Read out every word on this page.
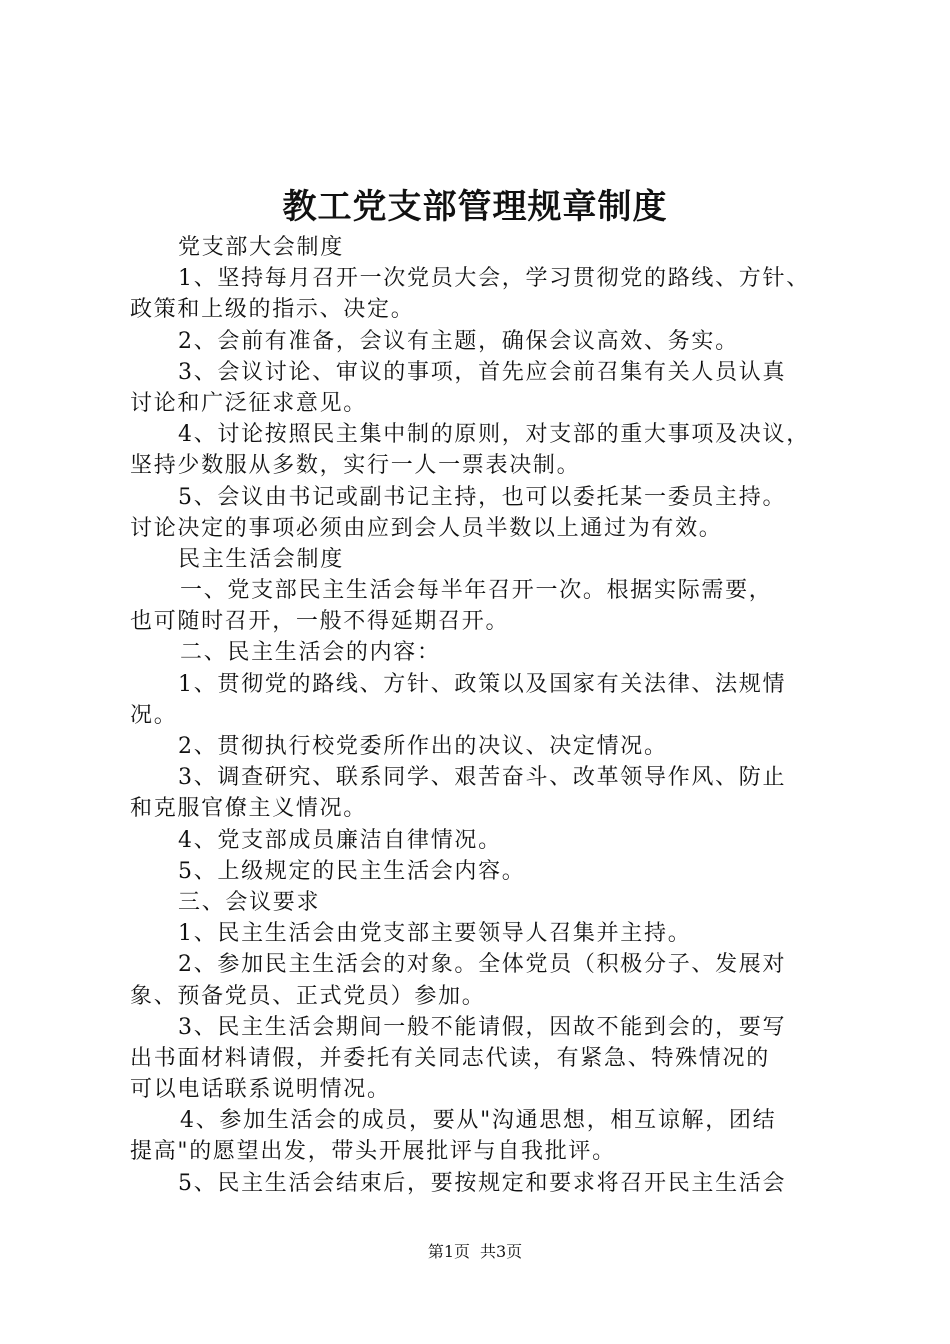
教工党支部管理规章制度
党支部大会制度
1、坚持每月召开一次党员大会，学习贯彻党的路线、方针、
政策和上级的指示、决定。
2、会前有准备，会议有主题，确保会议高效、务实。
3、会议讨论、审议的事项，首先应会前召集有关人员认真
讨论和广泛征求意见。
4、讨论按照民主集中制的原则，对支部的重大事项及决议，
坚持少数服从多数，实行一人一票表决制。
5、会议由书记或副书记主持，也可以委托某一委员主持。
讨论决定的事项必须由应到会人员半数以上通过为有效。
民主生活会制度
一、党支部民主生活会每半年召开一次。根据实际需要，
也可随时召开，一般不得延期召开。
二、民主生活会的内容：
1、贯彻党的路线、方针、政策以及国家有关法律、法规情
况。
2、贯彻执行校党委所作出的决议、决定情况。
3、调查研究、联系同学、艰苦奋斗、改革领导作风、防止
和克服官僚主义情况。
4、党支部成员廉洁自律情况。
5、上级规定的民主生活会内容。
三、会议要求
1、民主生活会由党支部主要领导人召集并主持。
2、参加民主生活会的对象。全体党员（积极分子、发展对
象、预备党员、正式党员）参加。
3、民主生活会期间一般不能请假，因故不能到会的，要写
出书面材料请假，并委托有关同志代读，有紧急、特殊情况的
可以电话联系说明情况。
4、参加生活会的成员，要从"沟通思想，相互谅解，团结
提高"的愿望出发，带头开展批评与自我批评。
5、民主生活会结束后，要按规定和要求将召开民主生活会
第1页 共3页
